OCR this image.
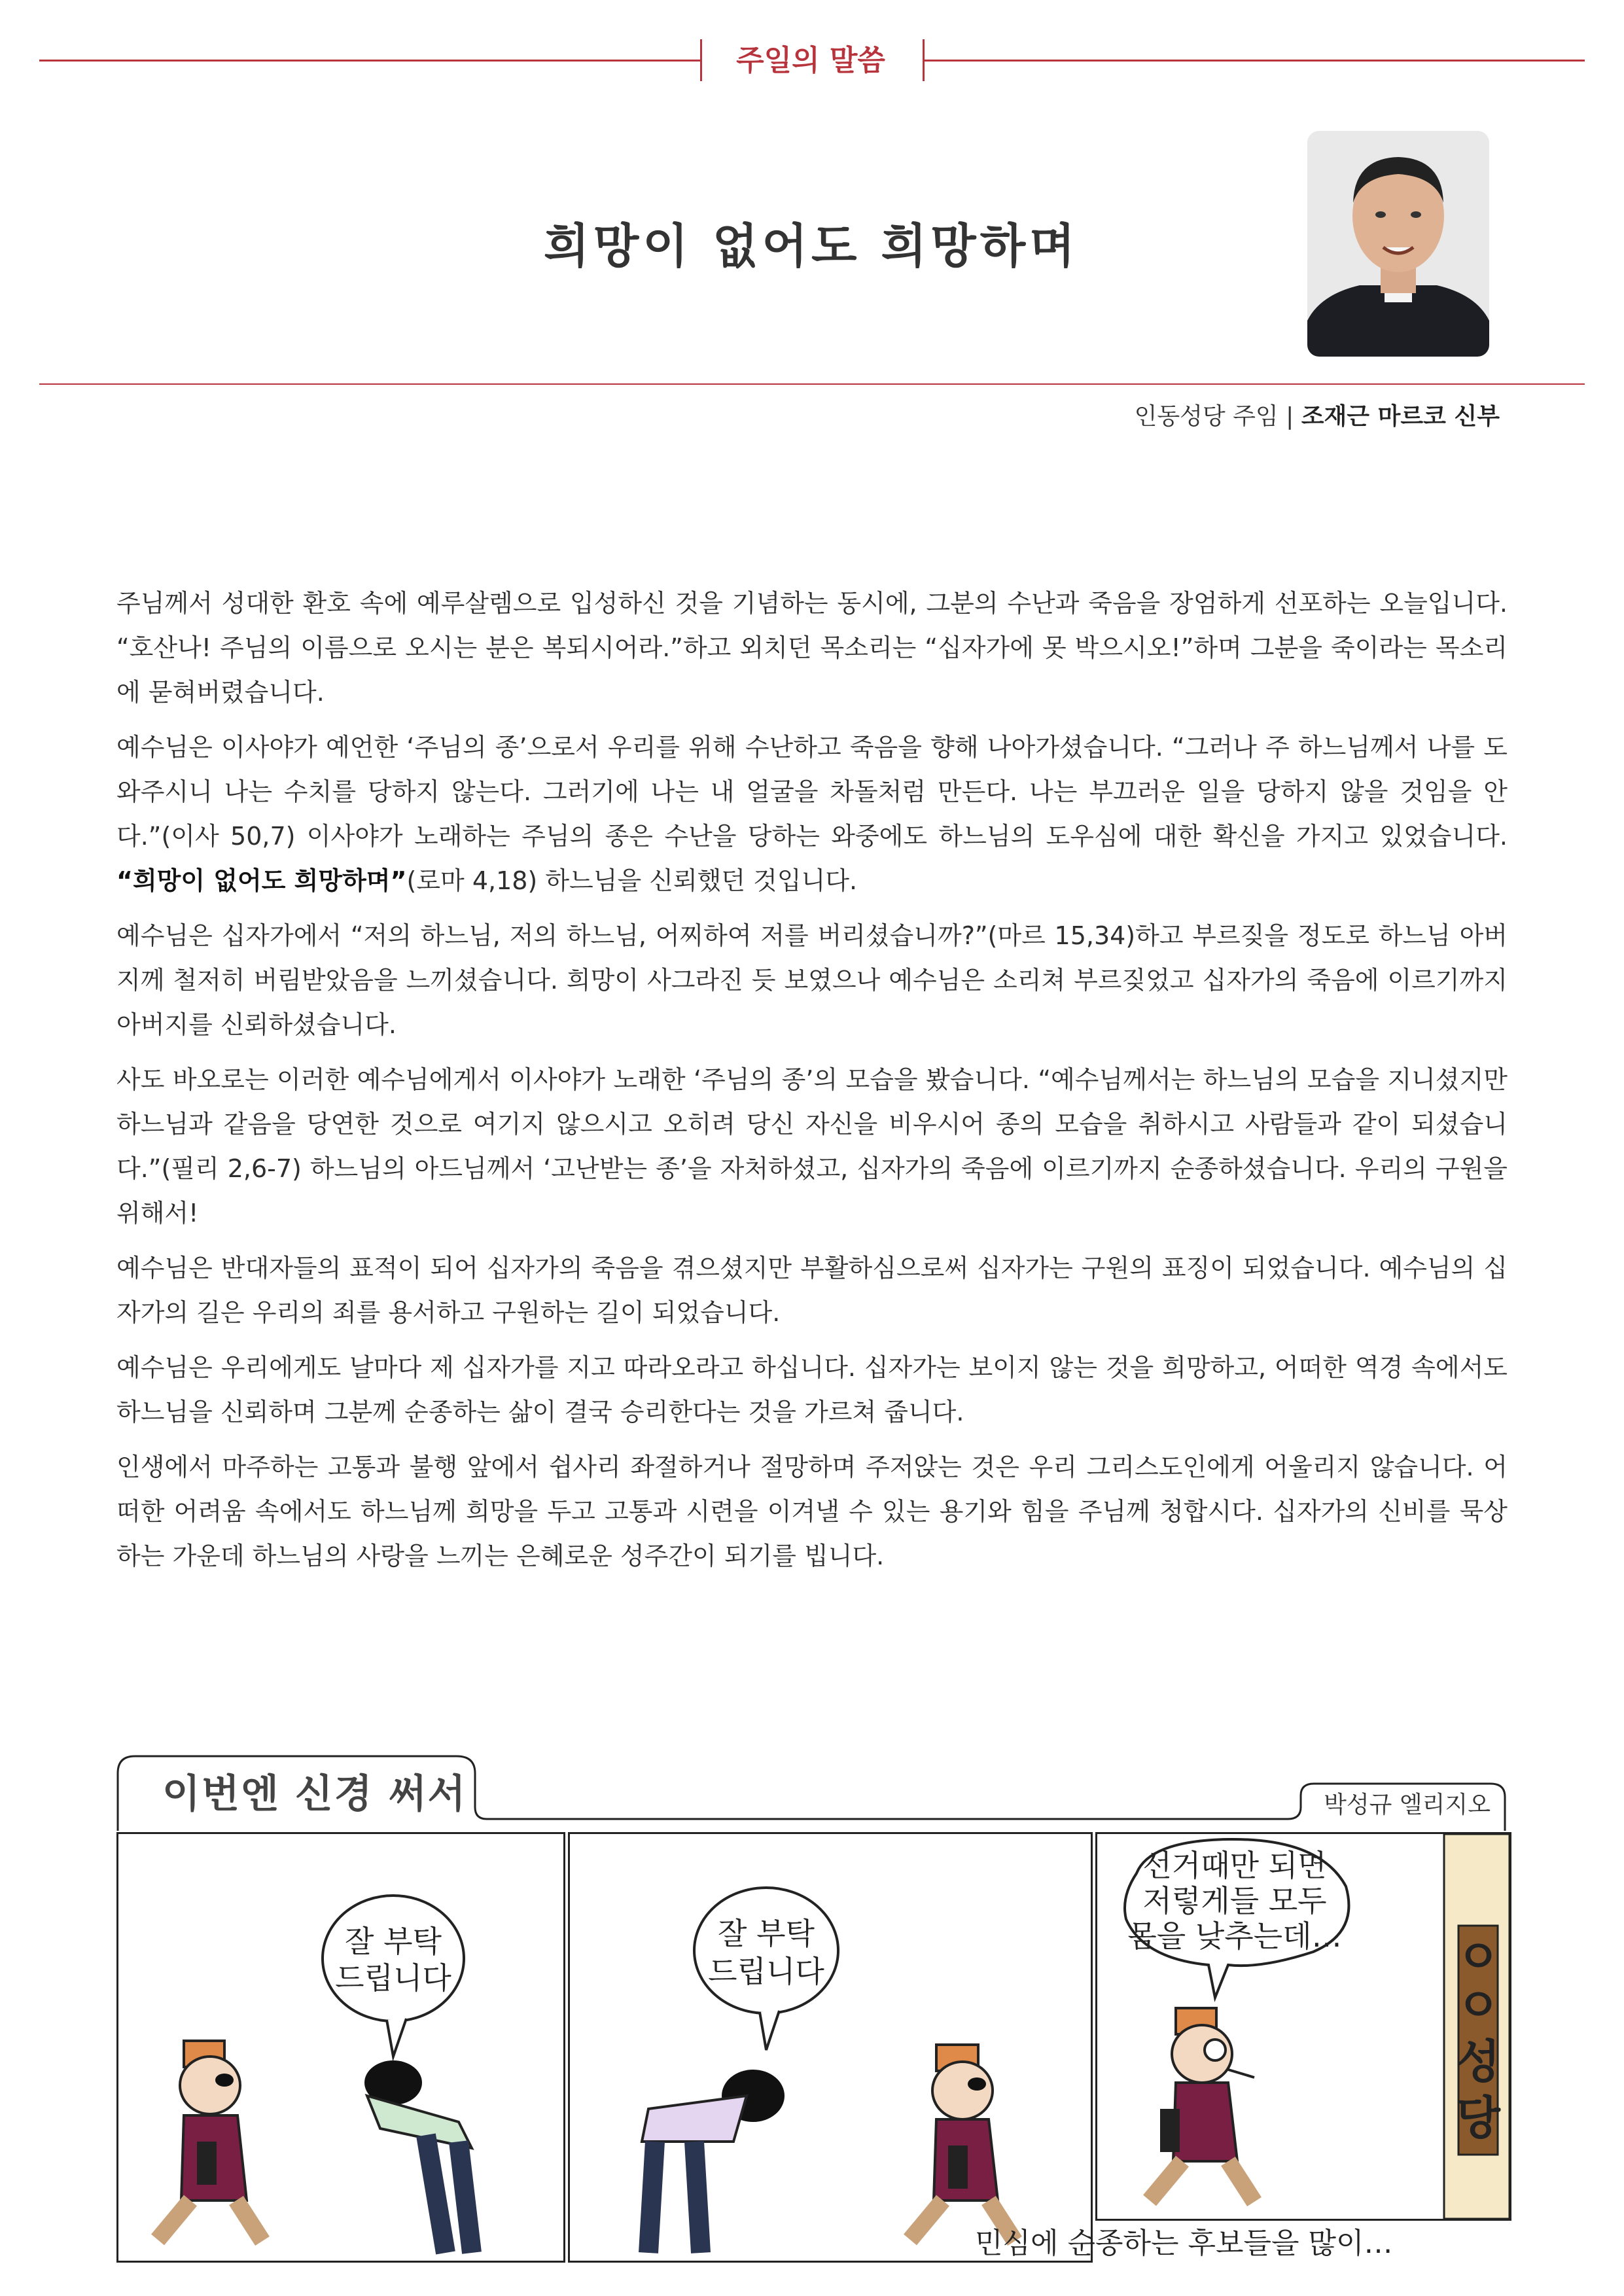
주일의 말씀
희망이 없어도 희망하며
인동성당 주임 | 조재근 마르코 신부

주님께서 성대한 환호 속에 예루살렘으로 입성하신 것을 기념하는 동시에, 그분의 수난과 죽음을 장엄하게 선포하는 오늘입니다. “호산나! 주님의 이름으로 오시는 분은 복되시어라.”하고 외치던 목소리는 “십자가에 못 박으시오!”하며 그분을 죽이라는 목소리에 묻혀버렸습니다.

예수님은 이사야가 예언한 ‘주님의 종’으로서 우리를 위해 수난하고 죽음을 향해 나아가셨습니다. “그러나 주 하느님께서 나를 도와주시니 나는 수치를 당하지 않는다. 그러기에 나는 내 얼굴을 차돌처럼 만든다. 나는 부끄러운 일을 당하지 않을 것임을 안다.”(이사 50,7) 이사야가 노래하는 주님의 종은 수난을 당하는 와중에도 하느님의 도우심에 대한 확신을 가지고 있었습니다. “희망이 없어도 희망하며”(로마 4,18) 하느님을 신뢰했던 것입니다.

예수님은 십자가에서 “저의 하느님, 저의 하느님, 어찌하여 저를 버리셨습니까?”(마르 15,34)하고 부르짖을 정도로 하느님 아버지께 철저히 버림받았음을 느끼셨습니다. 희망이 사그라진 듯 보였으나 예수님은 소리쳐 부르짖었고 십자가의 죽음에 이르기까지 아버지를 신뢰하셨습니다.

사도 바오로는 이러한 예수님에게서 이사야가 노래한 ‘주님의 종’의 모습을 봤습니다. “예수님께서는 하느님의 모습을 지니셨지만 하느님과 같음을 당연한 것으로 여기지 않으시고 오히려 당신 자신을 비우시어 종의 모습을 취하시고 사람들과 같이 되셨습니다.”(필리 2,6-7) 하느님의 아드님께서 ‘고난받는 종’을 자처하셨고, 십자가의 죽음에 이르기까지 순종하셨습니다. 우리의 구원을 위해서!

예수님은 반대자들의 표적이 되어 십자가의 죽음을 겪으셨지만 부활하심으로써 십자가는 구원의 표징이 되었습니다. 예수님의 십자가의 길은 우리의 죄를 용서하고 구원하는 길이 되었습니다.

예수님은 우리에게도 날마다 제 십자가를 지고 따라오라고 하십니다. 십자가는 보이지 않는 것을 희망하고, 어떠한 역경 속에서도 하느님을 신뢰하며 그분께 순종하는 삶이 결국 승리한다는 것을 가르쳐 줍니다.

인생에서 마주하는 고통과 불행 앞에서 쉽사리 좌절하거나 절망하며 주저앉는 것은 우리 그리스도인에게 어울리지 않습니다. 어떠한 어려움 속에서도 하느님께 희망을 두고 고통과 시련을 이겨낼 수 있는 용기와 힘을 주님께 청합시다. 십자가의 신비를 묵상하는 가운데 하느님의 사랑을 느끼는 은혜로운 성주간이 되기를 빕니다.

이번엔 신경 써서	박성규 엘리지오
잘 부탁
드립니다
잘 부탁
드립니다
선거때만 되면
저렇게들 모두
몸을 낮추는데… ㅇ
ㅇ
성
당
민심에 순종하는 후보들을 많이…
